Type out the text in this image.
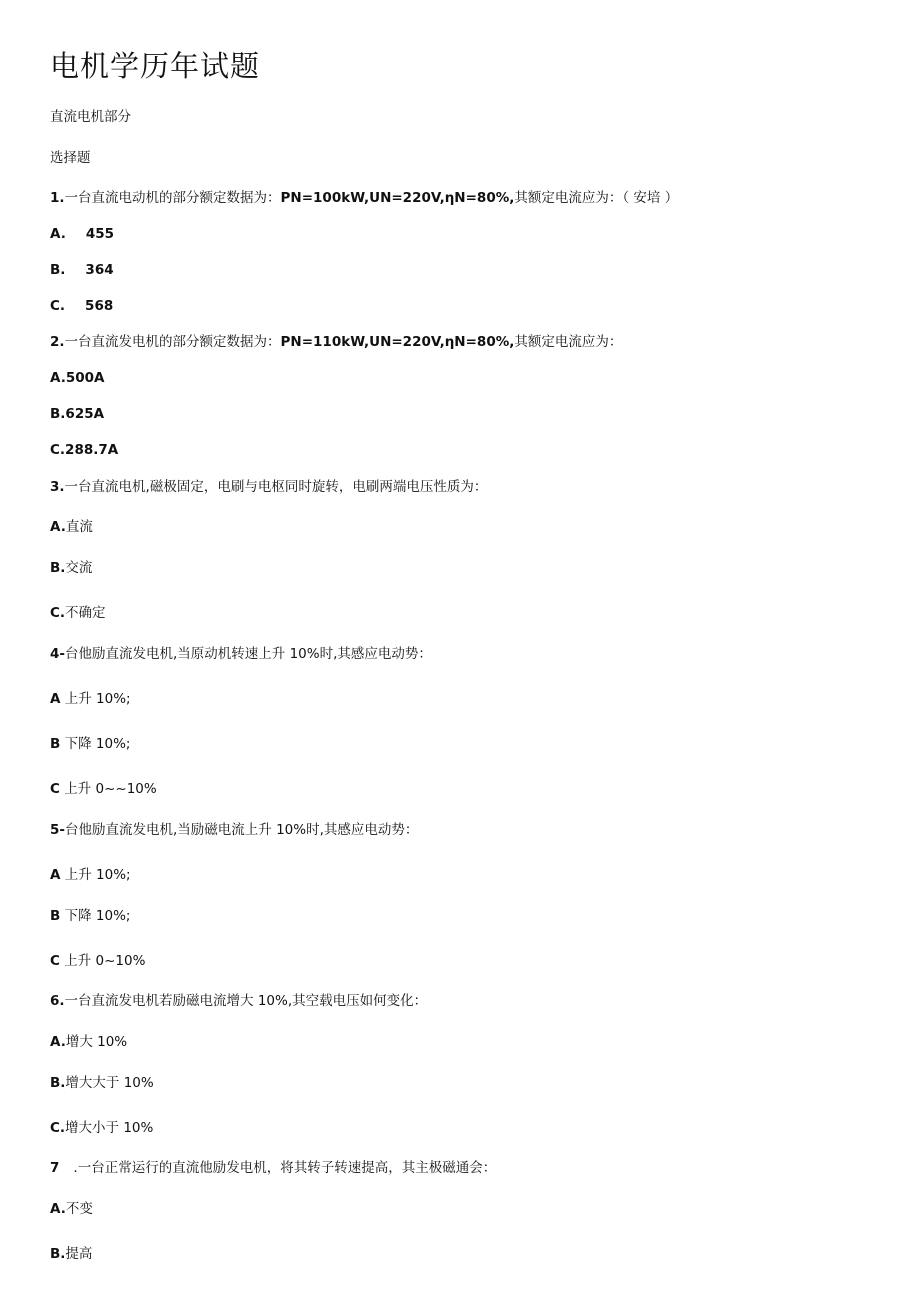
电机学历年试题
直流电机部分
选择题
1.一台直流电动机的部分额定数据为：PN=100kW,UN=220V,ηN=80%,其额定电流应为：（ 安培 ）
A. 455
B. 364
C. 568
2.一台直流发电机的部分额定数据为：PN=110kW,UN=220V,ηN=80%,其额定电流应为：
A.500A
B.625A
C.288.7A
3.一台直流电机,磁极固定，电刷与电枢同时旋转，电刷两端电压性质为：
A.直流
B.交流
C.不确定
4-台他励直流发电机,当原动机转速上升 10%时,其感应电动势：
A 上升 10%;
B 下降 10%;
C 上升 0~~10%
5-台他励直流发电机,当励磁电流上升 10%时,其感应电动势：
A 上升 10%;
B 下降 10%;
C 上升 0~10%
6.一台直流发电机若励磁电流增大 10%,其空载电压如何变化：
A.增大 10%
B.增大大于 10%
C.增大小于 10%
7 .一台正常运行的直流他励发电机，将其转子转速提高，其主极磁通会：
A.不变
B.提高
